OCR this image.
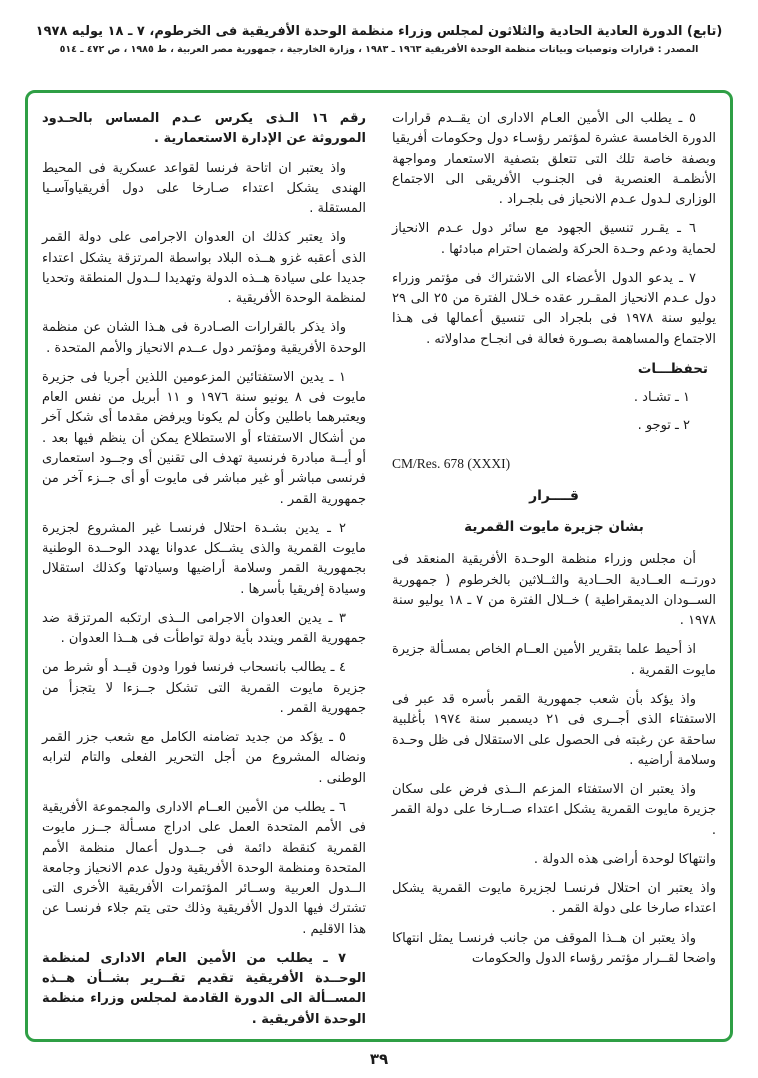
(تابع) الدورة العادية الحادية والثلاثون لمجلس وزراء منظمة الوحدة الأفريقية فى الخرطوم، ٧ ـ ١٨ يوليه ١٩٧٨
المصدر : قرارات وتوصيات وبيانات منظمة الوحدة الأفريقية ١٩٦٣ ـ ١٩٨٣ ، وزارة الخارجية ، جمهورية مصر العربية ، ط ١٩٨٥ ، ص ٤٧٢ ـ ٥١٤

٥ ـ يطلب الى الأمين العـام الادارى ان يقــدم قرارات الدورة الخامسة عشرة لمؤتمر رؤسـاء دول وحكومات أفريقيا وبصفة خاصة تلك التى تتعلق بتصفية الاستعمار ومواجهة الأنظمـة العنصرية فى الجنـوب الأفريقى الى الاجتماع الوزارى لـدول عـدم الانحياز فى بلجـراد .

٦ ـ يقـرر تنسيق الجهود مع سائر دول عـدم الانحياز لحماية ودعم وحـدة الحركة ولضمان احترام مبادئها .

٧ ـ يدعو الدول الأعضاء الى الاشتراك فى مؤتمر وزراء دول عـدم الانحياز المقـرر عقده خـلال الفترة من ٢٥ الى ٢٩ يوليو سنة ١٩٧٨ فى بلجراد الى تنسيق أعمالها فى هـذا الاجتماع والمساهمة بصـورة فعالة فى انجـاح مداولاته .

تحفظـــات

١ ـ تشـاد .

٢ ـ توجو .

CM/Res. 678 (XXXI)

قــــرار

بشان جزيرة مايوت القمرية

أن مجلس وزراء منظمة الوحـدة الأفريقية المنعقد فى دورتــه العــادية الحــادية والثــلاثين بالخرطوم ( جمهورية الســودان الديمقراطية ) خــلال الفترة من ٧ ـ ١٨ يوليو سنة ١٩٧٨ .

اذ أحيط علما بتقرير الأمين العــام الخاص بمسـألة جزيرة مايوت القمرية .

واذ يؤكد بأن شعب جمهورية القمر بأسره قد عبر فى الاستفتاء الذى أجــرى فى ٢١ ديسمبر سنة ١٩٧٤ بأغلبية ساحقة عن رغبته فى الحصول على الاستقلال فى ظل وحـدة وسلامة أراضيه .

واذ يعتبر ان الاستفتاء المزعم الــذى فرض على سكان جزيرة مايوت القمرية يشكل اعتداء صــارخا على دولة القمر .

وانتهاكا لوحدة أراضى هذه الدولة .

واذ يعتبر ان احتلال فرنسـا لجزيرة مايوت القمرية يشكل اعتداء صارخا على دولة القمر .

واذ يعتبر ان هــذا الموقف من جانب فرنسـا يمثل انتهاكا واضحا لقــرار مؤتمر رؤساء الدول والحكومات

رقم ١٦ الـذى يكرس عـدم المساس بالحـدود الموروثة عن الإدارة الاستعمارية .

واذ يعتبر ان اتاحة فرنسا لقواعد عسكرية فى المحيط الهندى يشكل اعتداء صـارخا على دول أفريقياوآسـيا المستقلة .

واذ يعتبر كذلك ان العدوان الاجرامى على دولة القمر الذى أعقبه غزو هــذه البلاد بواسطة المرتزقة يشكل اعتداء جديدا على سيادة هــذه الدولة وتهديدا لــدول المنطقة وتحديا لمنظمة الوحدة الأفريقية .

واذ يذكر بالقرارات الصـادرة فى هـذا الشان عن منظمة الوحدة الأفريقية ومؤتمر دول عــدم الانحياز والأمم المتحدة .

١ ـ يدين الاستفتائين المزعومين اللذين أجريا فى جزيرة مايوت فى ٨ يونيو سنة ١٩٧٦ و ١١ أبريل من نفس العام ويعتبرهما باطلين وكأن لم يكونا ويرفض مقدما أى شكل آخر من أشكال الاستفتاء أو الاستطلاع يمكن أن ينظم فيها بعد . أو أيــة مبادرة فرنسية تهدف الى تقنين أى وجــود استعمارى فرنسى مباشر أو غير مباشر فى مايوت أو أى جــزء آخر من جمهورية القمر .

٢ ـ يدين بشـدة احتلال فرنسـا غير المشروع لجزيرة مايوت القمرية والذى يشــكل عدوانا يهدد الوحــدة الوطنية بجمهورية القمر وسلامة أراضيها وسيادتها وكذلك استقلال وسيادة إفريقيا بأسرها .

٣ ـ يدين العدوان الاجرامى الــذى ارتكبه المرتزقة ضد جمهورية القمر ويندد بأية دولة تواطأت فى هــذا العدوان .

٤ ـ يطالب بانسحاب فرنسا فورا ودون قيــد أو شرط من جزيرة مايوت القمرية التى تشكل جــزءا لا يتجزأ من جمهورية القمر .

٥ ـ يؤكد من جديد تضامنه الكامل مع شعب جزر القمر ونضاله المشروع من أجل التحرير الفعلى والتام لترابه الوطنى .

٦ ـ يطلب من الأمين العــام الادارى والمجموعة الأفريقية فى الأمم المتحدة العمل على ادراج مسـألة جــزر مايوت القمرية كنقطة دائمة فى جــدول أعمال منظمة الأمم المتحدة ومنظمة الوحدة الأفريقية ودول عدم الانحياز وجامعة الــدول العربية وســائر المؤتمرات الأفريقية الأخرى التى تشترك فيها الدول الأفريقية وذلك حتى يتم جلاء فرنسـا عن هذا الاقليم .

٧ ـ يطلب من الأمين العام الادارى لمنظمة الوحــدة الأفريقية تقديم تقــرير بشــأن هــذه المســألة الى الدورة القادمة لمجلس وزراء منظمة الوحدة الأفريقية .

٣٩
